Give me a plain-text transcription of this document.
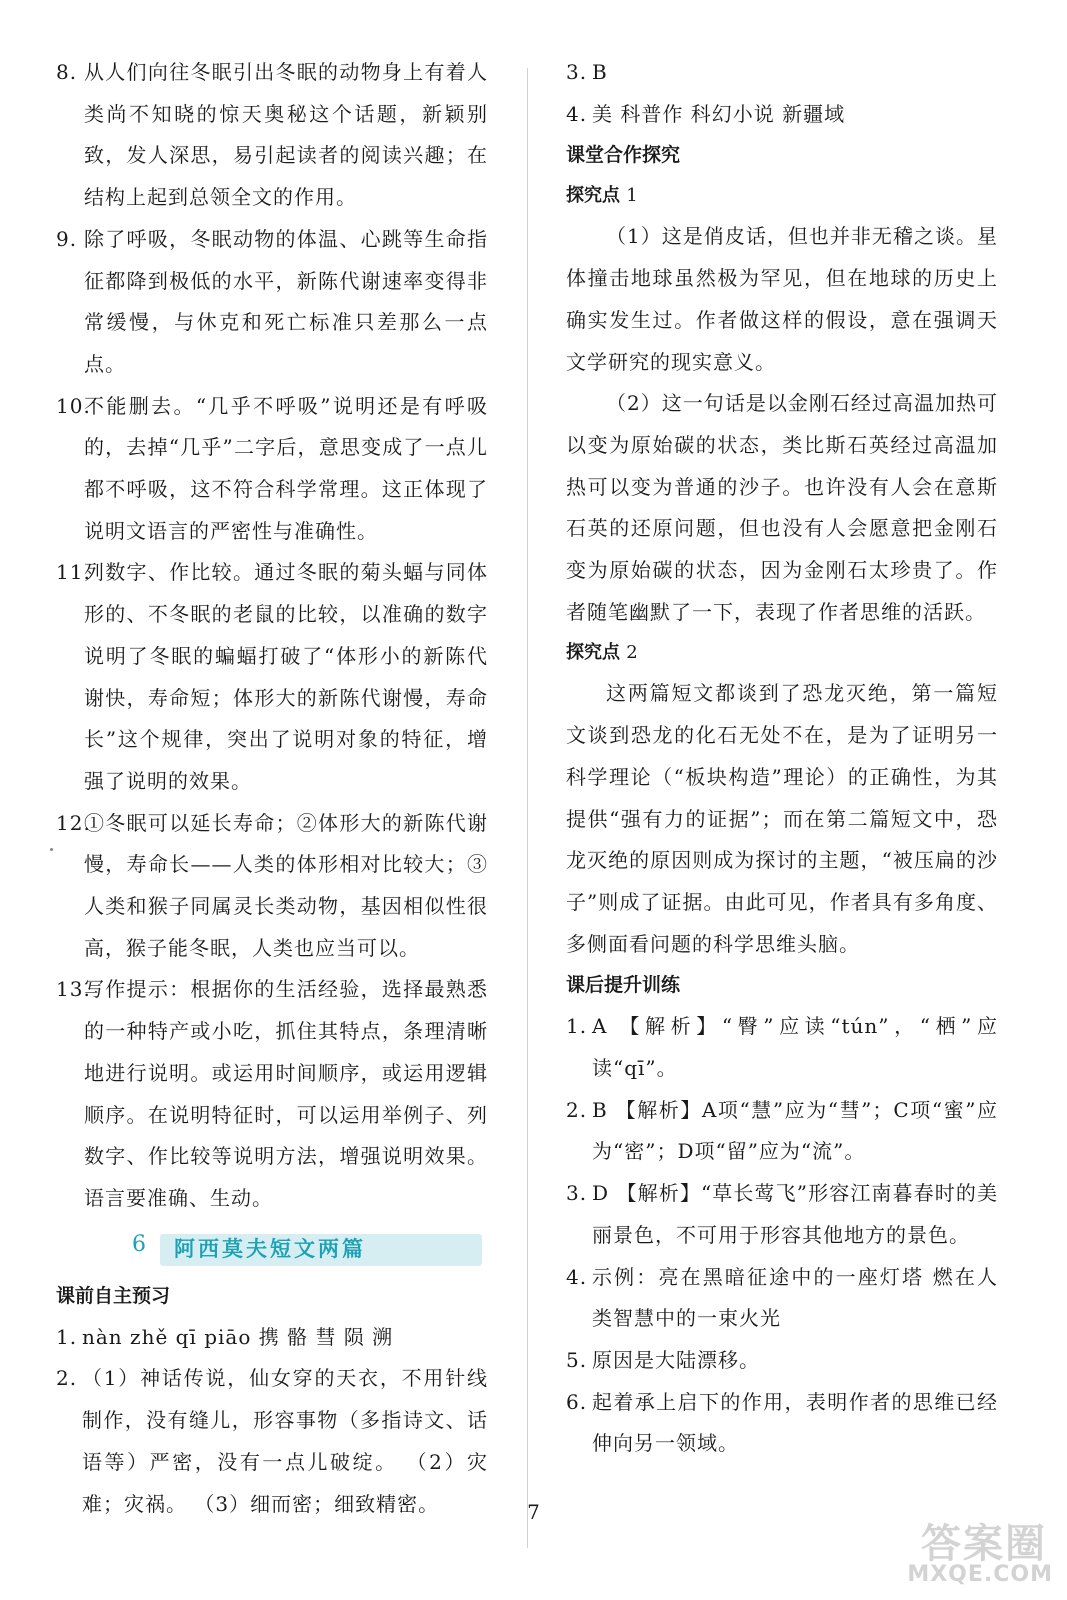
8. 从人们向往冬眠引出冬眠的动物身上有着人类尚不知晓的惊天奥秘这个话题，新颖别致，发人深思，易引起读者的阅读兴趣；在结构上起到总领全文的作用。
9. 除了呼吸，冬眠动物的体温、心跳等生命指征都降到极低的水平，新陈代谢速率变得非常缓慢，与休克和死亡标准只差那么一点点。
10.
不能删去。“几乎不呼吸”说明还是有呼吸的，去掉“几乎”二字后，意思变成了一点儿都不呼吸，这不符合科学常理。这正体现了说明文语言的严密性与准确性。
11.
列数字、作比较。通过冬眠的菊头蝠与同体形的、不冬眠的老鼠的比较，以准确的数字说明了冬眠的蝙蝠打破了“体形小的新陈代谢快，寿命短；体形大的新陈代谢慢，寿命长”这个规律，突出了说明对象的特征，增强了说明的效果。
12.
①冬眠可以延长寿命；②体形大的新陈代谢慢，寿命长——人类的体形相对比较大；③人类和猴子同属灵长类动物，基因相似性很高，猴子能冬眠，人类也应当可以。
13.
写作提示：根据你的生活经验，选择最熟悉的一种特产或小吃，抓住其特点，条理清晰地进行说明。或运用时间顺序，或运用逻辑顺序。在说明特征时，可以运用举例子、列数字、作比较等说明方法，增强说明效果。语言要准确、生动。
6 阿西莫夫短文两篇
课前自主预习
1. nàn zhě qī piāo 携 骼 彗 陨 溯
2. （1）神话传说，仙女穿的天衣，不用针线制作，没有缝儿，形容事物（多指诗文、话语等）严密，没有一点儿破绽。 （2）灾难；灾祸。 （3）细而密；细致精密。
3. B
4. 美 科普作 科幻小说 新疆域
课堂合作探究
探究点 1
（1）这是俏皮话，但也并非无稽之谈。星体撞击地球虽然极为罕见，但在地球的历史上确实发生过。作者做这样的假设，意在强调天文学研究的现实意义。
（2）这一句话是以金刚石经过高温加热可以变为原始碳的状态，类比斯石英经过高温加热可以变为普通的沙子。也许没有人会在意斯石英的还原问题，但也没有人会愿意把金刚石变为原始碳的状态，因为金刚石太珍贵了。作者随笔幽默了一下，表现了作者思维的活跃。
探究点 2
这两篇短文都谈到了恐龙灭绝，第一篇短文谈到恐龙的化石无处不在，是为了证明另一科学理论（“板块构造”理论）的正确性，为其提供“强有力的证据”；而在第二篇短文中，恐龙灭绝的原因则成为探讨的主题，“被压扁的沙子”则成了证据。由此可见，作者具有多角度、多侧面看问题的科学思维头脑。
课后提升训练
1. A 【解析】“臀”应读“tún”，“栖”应读“qī”。
2. B 【解析】A项“慧”应为“彗”；C项“蜜”应为“密”；D项“留”应为“流”。
3. D 【解析】“草长莺飞”形容江南暮春时的美丽景色，不可用于形容其他地方的景色。
4. 示例：亮在黑暗征途中的一座灯塔 燃在人类智慧中的一束火光
5. 原因是大陆漂移。
6. 起着承上启下的作用，表明作者的思维已经伸向另一领域。
7
答案圈
MXQE.COM
